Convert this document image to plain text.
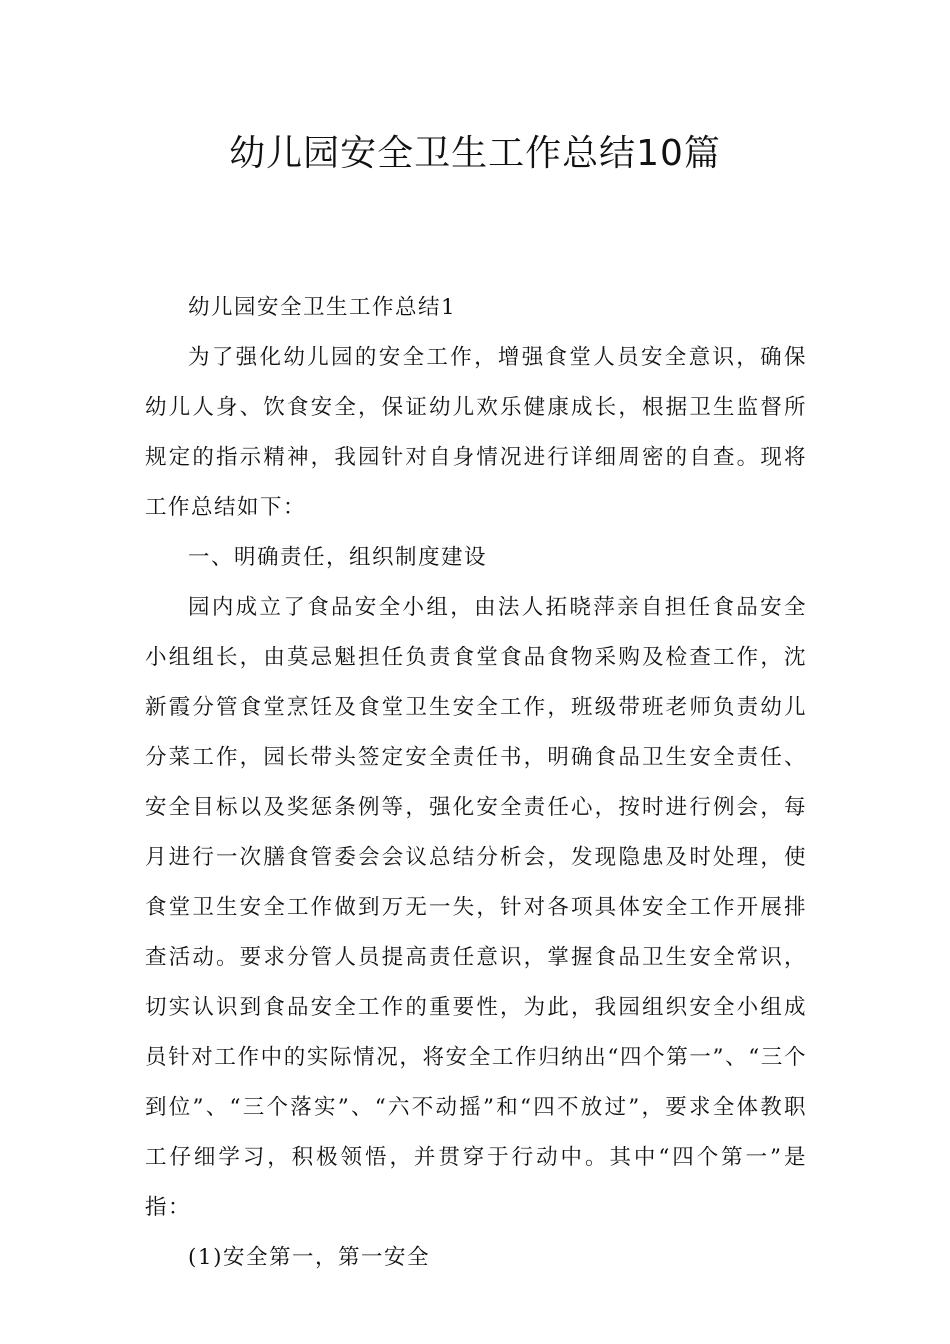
幼儿园安全卫生工作总结10篇

幼儿园安全卫生工作总结1

为了强化幼儿园的安全工作，增强食堂人员安全意识，确保幼儿人身、饮食安全，保证幼儿欢乐健康成长，根据卫生监督所规定的指示精神，我园针对自身情况进行详细周密的自查。现将工作总结如下：

一、明确责任，组织制度建设

园内成立了食品安全小组，由法人拓晓萍亲自担任食品安全小组组长，由莫忌魁担任负责食堂食品食物采购及检查工作，沈新霞分管食堂烹饪及食堂卫生安全工作，班级带班老师负责幼儿分菜工作，园长带头签定安全责任书，明确食品卫生安全责任、安全目标以及奖惩条例等，强化安全责任心，按时进行例会，每月进行一次膳食管委会会议总结分析会，发现隐患及时处理，使食堂卫生安全工作做到万无一失，针对各项具体安全工作开展排查活动。要求分管人员提高责任意识，掌握食品卫生安全常识，切实认识到食品安全工作的重要性，为此，我园组织安全小组成员针对工作中的实际情况，将安全工作归纳出“四个第一”、“三个到位”、“三个落实”、“六不动摇”和“四不放过”，要求全体教职工仔细学习，积极领悟，并贯穿于行动中。其中“四个第一”是指：

(1)安全第一，第一安全
